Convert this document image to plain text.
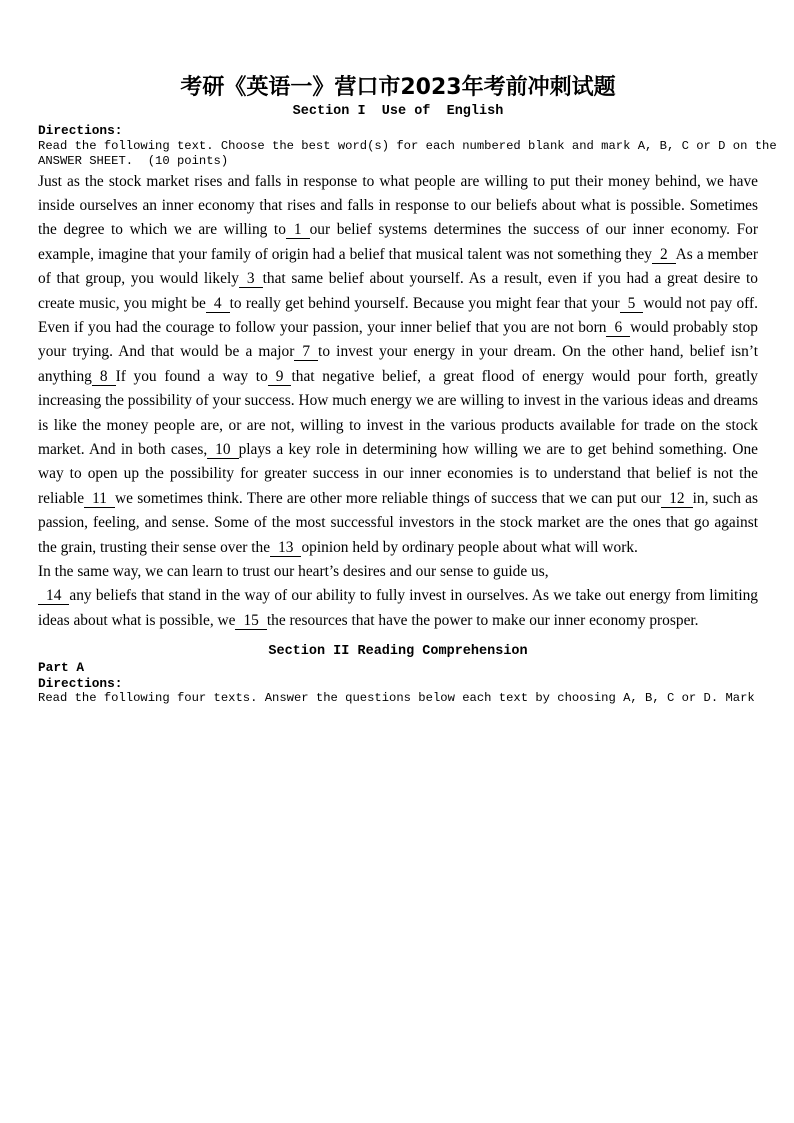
考研《英语一》营口市2023年考前冲刺试题
Section I  Use of  English
Directions:
Read the following text. Choose the best word(s) for each numbered blank and mark A, B, C or D on the
ANSWER SHEET.  (10 points)

Just as the stock market rises and falls in response to what people are willing to put their money behind, we have inside ourselves an inner economy that rises and falls in response to our beliefs about what is possible. Sometimes the degree to which we are willing to 1 our belief systems determines the success of our inner economy. For example, imagine that your family of origin had a belief that musical talent was not something they 2 As a member of that group, you would likely 3 that same belief about yourself. As a result, even if you had a great desire to create music, you might be 4 to really get behind yourself. Because you might fear that your 5 would not pay off. Even if you had the courage to follow your passion, your inner belief that you are not born 6 would probably stop your trying. And that would be a major 7 to invest your energy in your dream. On the other hand, belief isn’t anything 8 If you found a way to 9 that negative belief, a great flood of energy would pour forth, greatly increasing the possibility of your success. How much energy we are willing to invest in the various ideas and dreams is like the money people are, or are not, willing to invest in the various products available for trade on the stock market. And in both cases, 10 plays a key role in determining how willing we are to get behind something. One way to open up the possibility for greater success in our inner economies is to understand that belief is not the reliable 11 we sometimes think. There are other more reliable things of success that we can put our 12 in, such as passion, feeling, and sense. Some of the most successful investors in the stock market are the ones that go against the grain, trusting their sense over the 13 opinion held by ordinary people about what will work.

In the same way, we can learn to trust our heart’s desires and our sense to guide us,

14 any beliefs that stand in the way of our ability to fully invest in ourselves. As we take out energy from limiting ideas about what is possible, we 15 the resources that have the power to make our inner economy prosper.

Section II Reading Comprehension
Part A
Directions:
Read the following four texts. Answer the questions below each text by choosing A, B, C or D. Mark
